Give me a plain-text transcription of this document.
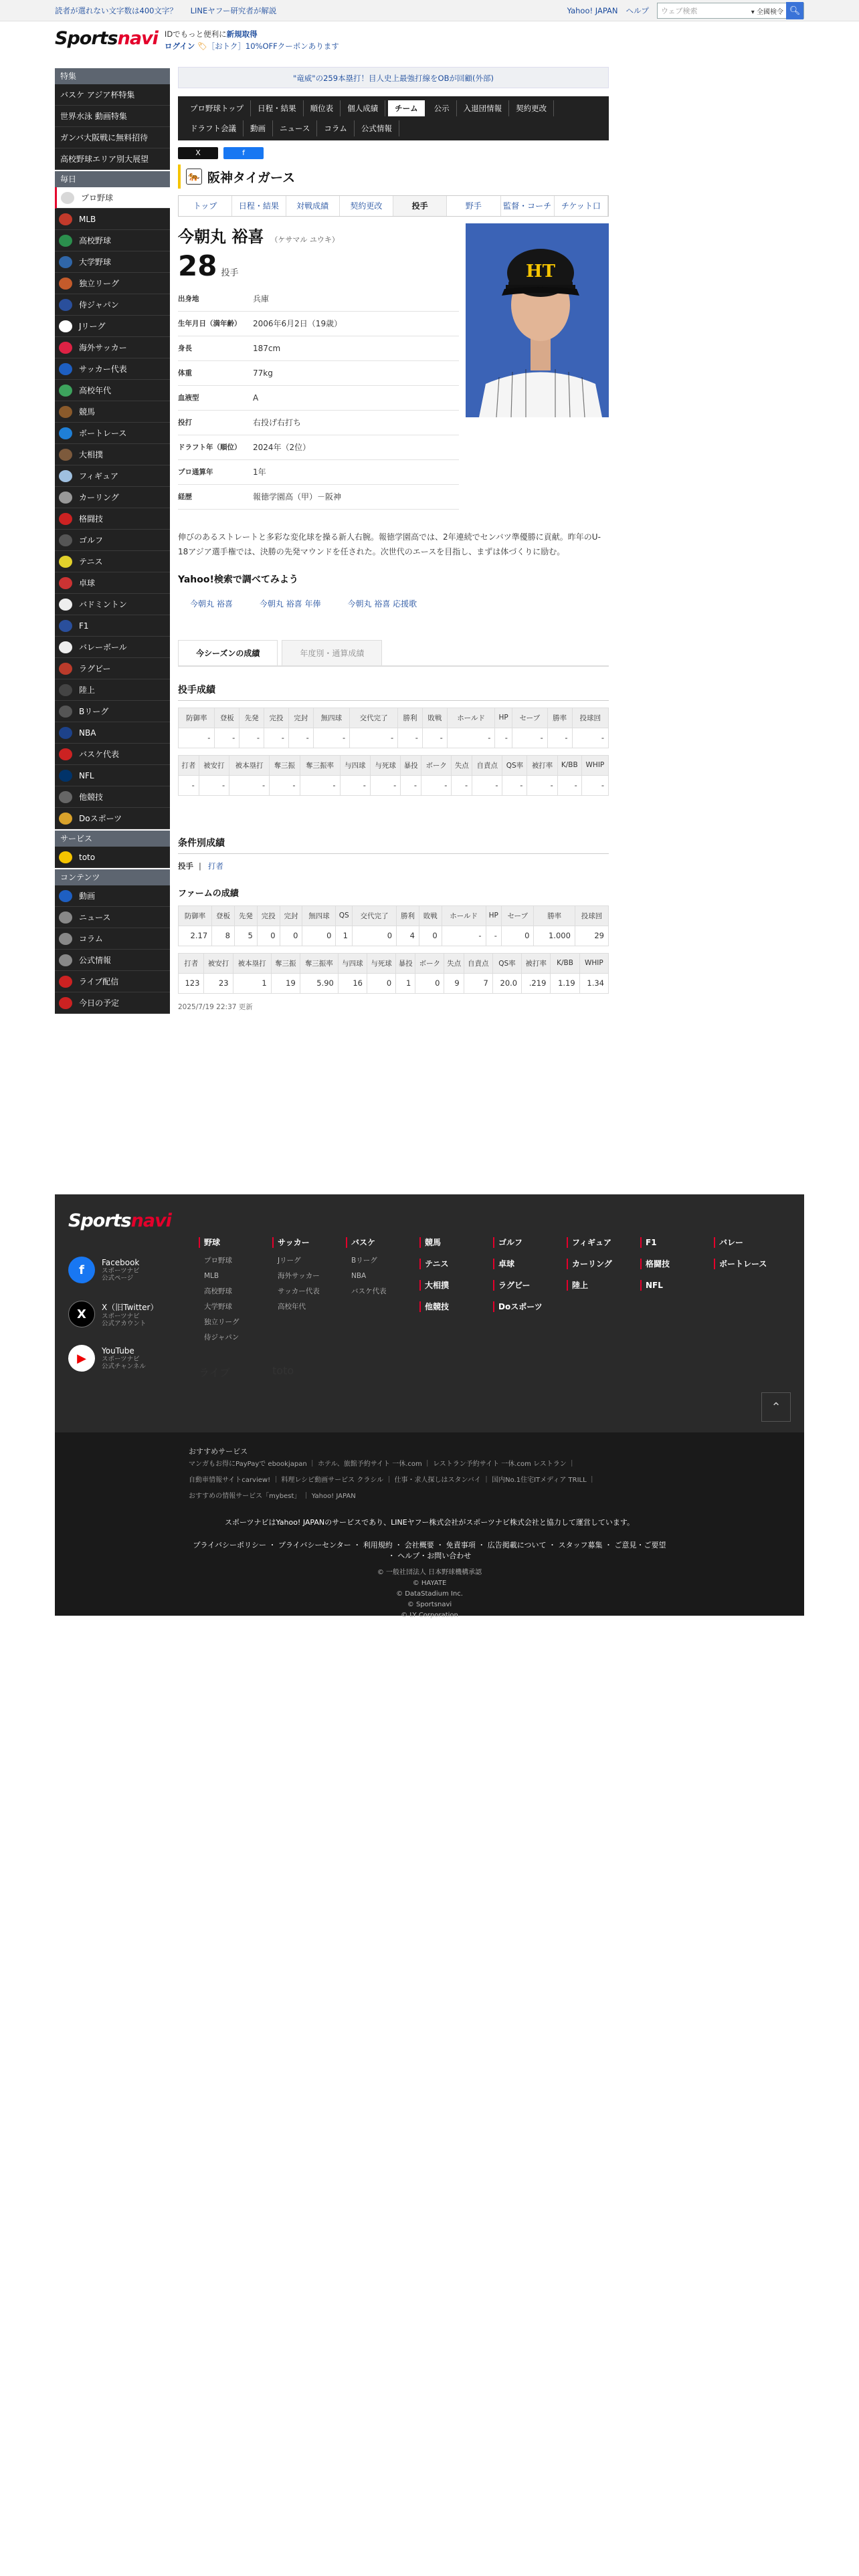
読者が選れない文字数は400文字？ LINEヤフー研究者が解説	Yahoo! JAPAN ヘルプ	ウェブ検索	▾ 全國検令 🔍︎
Sportsnavi IDでもっと便利に新規取得
ログイン 🏷［おトク］10%OFFクーポンあります
特集
バスケ アジア杯特集
世界水泳 動画特集
ガンバ大阪戦に無料招待
高校野球エリア別大展望
毎日
プロ野球
MLB
高校野球
大学野球
独立リーグ
侍ジャパン
Jリーグ
海外サッカー
サッカー代表
高校年代
競馬
ボートレース
大相撲
フィギュア
カーリング
格闘技
ゴルフ
テニス
卓球
バドミントン
F1
バレーボール
ラグビー
陸上
Bリーグ
NBA
バスケ代表
NFL
他競技
Doスポーツ
サービス
toto
コンテンツ
動画
ニュース
コラム
公式情報
ライブ配信
今日の予定
"竜威"の259本塁打！目人史上最強打線をOBが回顧(外部)
プロ野球トップ	日程・結果	順位表	個人成績	チーム	公示	入退団情報	契約更改
ドラフト会議	動画	ニュース	コラム	公式情報
X	f
🐅 阪神タイガース
トップ	日程・結果	対戦成績	契約更改	投手	野手	監督・コーチ	チケット口
今朝丸 裕喜 （ケサマル ユウキ）
28 投手
出身地	兵庫
生年月日（満年齢）	2006年6月2日（19歳）
身長	187cm
体重	77kg
血液型	A
投打	右投げ右打ち
ドラフト年（順位）	2024年（2位）
プロ通算年	1年
経歴	報徳学園高（甲）－阪神
HT
伸びのあるストレートと多彩な変化球を操る新人右腕。報徳学園高では、2年連続でセンバツ準優勝に貢献。昨年のU-18アジア選手権では、決勝の先発マウンドを任された。次世代のエースを目指し、まずは体づくりに励む。
Yahoo!検索で調べてみよう
今朝丸 裕喜	今朝丸 裕喜 年俸	今朝丸 裕喜 応援歌
今シーズンの成績	年度別・通算成績
投手成績
防御率	登板	先発	完投	完封	無四球	交代完了	勝利	敗戦	ホールド	HP	セーブ	勝率	投球回
-	-	-	-	-	-	-	-	-	-	-	-	-	-
打者	被安打	被本塁打	奪三振	奪三振率	与四球	与死球	暴投	ボーク	失点	自責点	QS率	被打率	K/BB	WHIP
-	-	-	-	-	-	-	-	-	-	-	-	-	-	-
条件別成績
投手 | 打者
ファームの成績
防御率	登板	先発	完投	完封	無四球	QS	交代完了	勝利	敗戦	ホールド	HP	セーブ	勝率	投球回
2.17	8	5	0	0	0	1	0	4	0	-	-	0	1.000	29
打者	被安打	被本塁打	奪三振	奪三振率	与四球	与死球	暴投	ボーク	失点	自責点	QS率	被打率	K/BB	WHIP
123	23	1	19	5.90	16	0	1	0	9	7	20.0	.219	1.19	1.34
2025/7/19 22:37 更新
Sportsnavi
f
Facebook
スポーツナビ
公式ページ
X	X（旧Twitter）
スポーツナビ
公式アカウント
▶
YouTube
スポーツナビ
公式チャンネル
野球
プロ野球
MLB
高校野球
大学野球
独立リーグ
侍ジャパン
サッカー
Jリーグ
海外サッカー
サッカー代表
高校年代
バスケ
Bリーグ
NBA
バスケ代表
競馬
テニス
大相撲
他競技
ゴルフ
卓球
ラグビー
Doスポーツ
フィギュア
カーリング
陸上
F1
格闘技
NFL
バレー
ボートレース
⌃
ライブ	toto
おすすめサービス
マンガもお得にPayPayで ebookjapan ｜ ホテル、旅館予約サイト 一休.com ｜ レストラン予約サイト 一休.com レストラン ｜
自動車情報サイトcarview! ｜ 料理レシピ動画サービス クラシル ｜ 仕事・求人探しはスタンバイ ｜ 国内No.1住宅ITメディア TRILL ｜
おすすめの情報サービス「mybest」 ｜ Yahoo! JAPAN
スポーツナビはYahoo! JAPANのサービスであり、LINEヤフー株式会社がスポーツナビ株式会社と協力して運営しています。
プライバシーポリシー ・ プライバシーセンター ・ 利用規約 ・ 会社概要 ・ 免責事項 ・ 広告掲載について ・ スタッフ募集 ・ ご意見・ご要望 ・ ヘルプ・お問い合わせ
© 一般社団法人 日本野球機構承認
© HAYATE
© DataStadium Inc.
© Sportsnavi
© LY Corporation
